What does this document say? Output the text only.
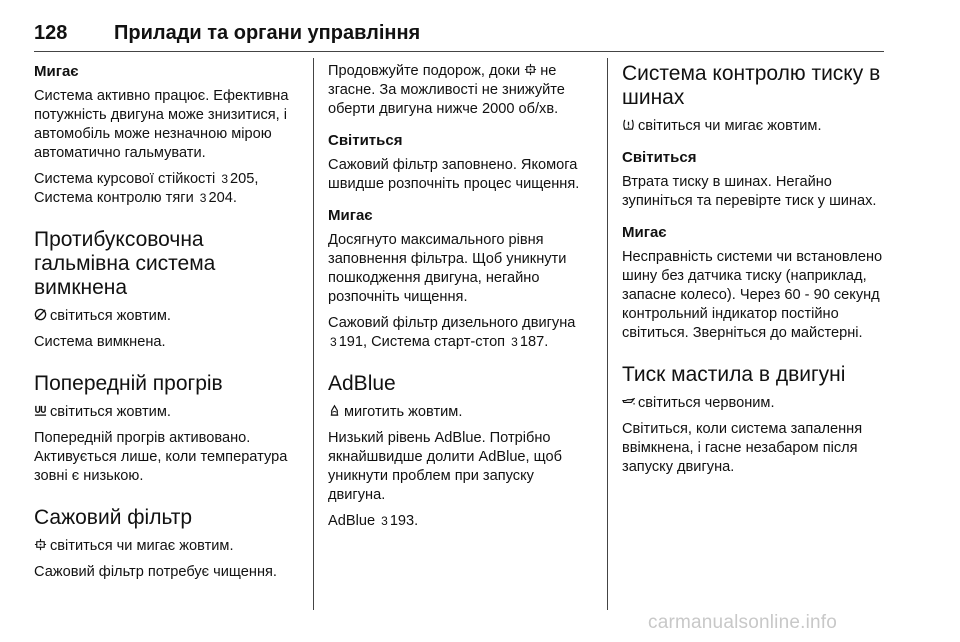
128 Прилади та органи управління
Мигає

Система активно працює. Ефективна потужність двигуна може знизитися, і автомобіль може незначною мірою автоматично гальмувати.

Система курсової стійкості 3 205, Система контролю тяги 3 204.

Протибуксовочна гальмівна система вимкнена

світиться жовтим.

Система вимкнена.

Попередній прогрів

світиться жовтим.

Попередній прогрів активовано. Активується лише, коли температура зовні є низькою.

Сажовий фільтр

світиться чи мигає жовтим.

Сажовий фільтр потребує чищення.

Продовжуйте подорож, доки не згасне. За можливості не знижуйте оберти двигуна нижче 2000 об/хв.

Світиться

Сажовий фільтр заповнено. Якомога швидше розпочніть процес чищення.

Мигає

Досягнуто максимального рівня заповнення фільтра. Щоб уникнути пошкодження двигуна, негайно розпочніть чищення.

Сажовий фільтр дизельного двигуна 3 191, Система старт-стоп 3 187.

AdBlue

миготить жовтим.

Низький рівень AdBlue. Потрібно якнайшвидше долити AdBlue, щоб уникнути проблем при запуску двигуна.

AdBlue 3 193.

Система контролю тиску в шинах

світиться чи мигає жовтим.

Світиться

Втрата тиску в шинах. Негайно зупиніться та перевірте тиск у шинах.

Мигає

Несправність системи чи встановлено шину без датчика тиску (наприклад, запасне колесо). Через 60 - 90 секунд контрольний індикатор постійно світиться. Зверніться до майстерні.

Тиск мастила в двигуні

світиться червоним.

Світиться, коли система запалення ввімкнена, і гасне незабаром після запуску двигуна.

carmanualsonline.info
